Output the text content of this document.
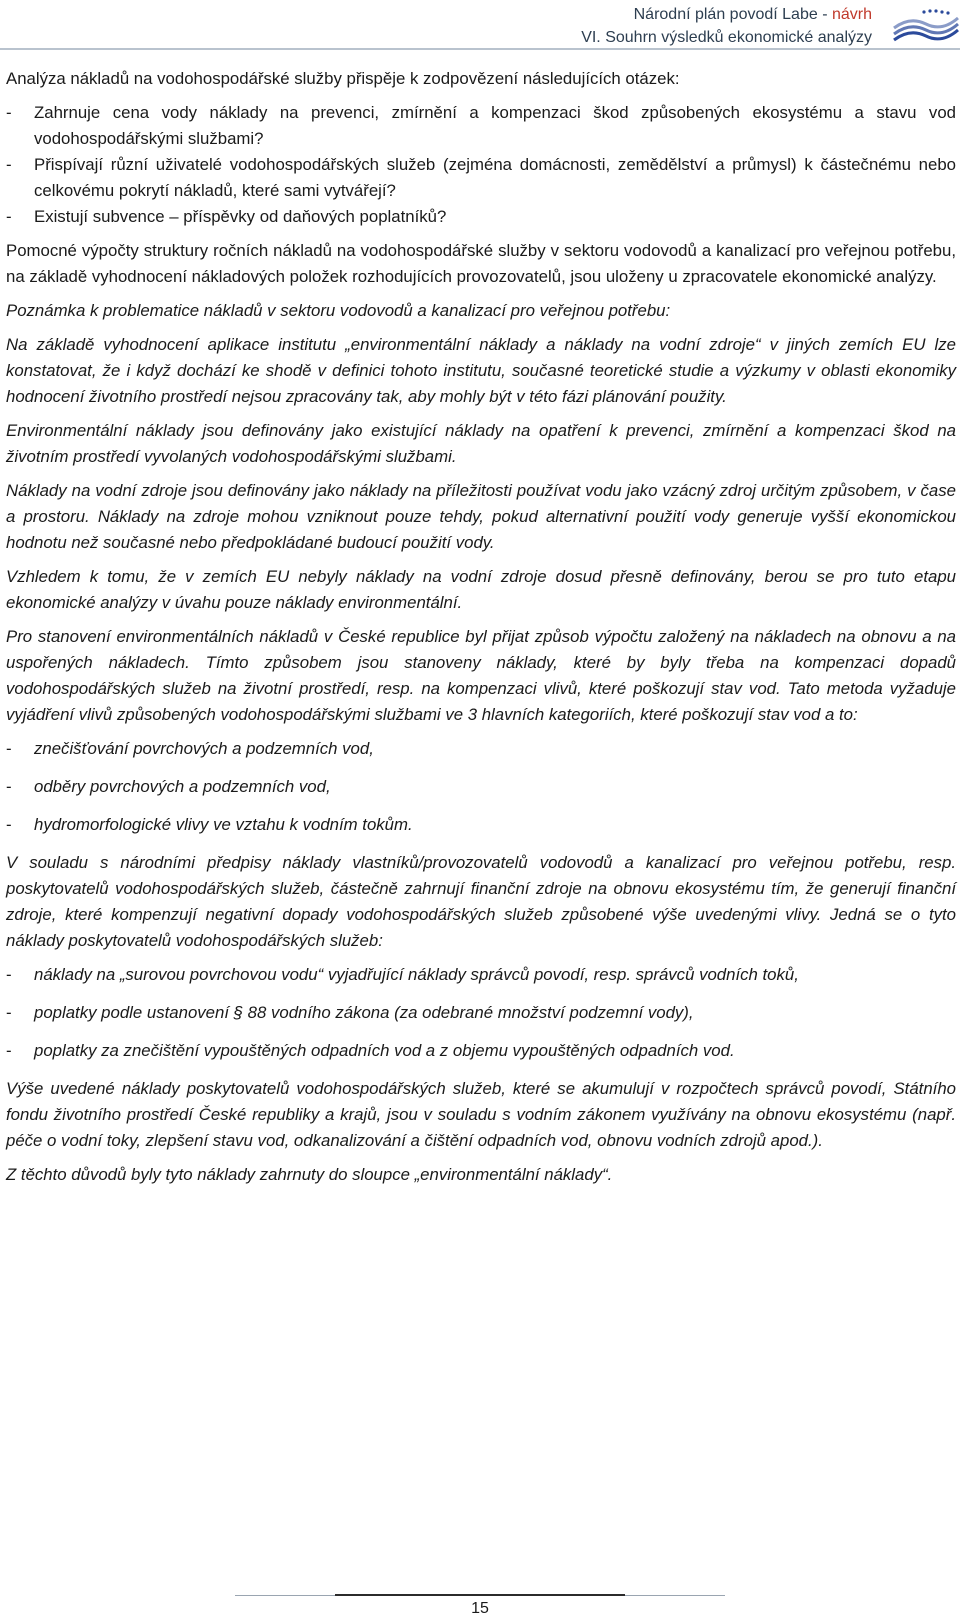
Národní plán povodí Labe - návrh
VI. Souhrn výsledků ekonomické analýzy

Analýza nákladů na vodohospodářské služby přispěje k zodpovězení následujících otázek:

- Zahrnuje cena vody náklady na prevenci, zmírnění a kompenzaci škod způsobených ekosystému a stavu vod vodohospodářskými službami?
- Přispívají různí uživatelé vodohospodářských služeb (zejména domácnosti, zemědělství a průmysl) k částečnému nebo celkovému pokrytí nákladů, které sami vytvářejí?
- Existují subvence – příspěvky od daňových poplatníků?

Pomocné výpočty struktury ročních nákladů na vodohospodářské služby v sektoru vodovodů a kanalizací pro veřejnou potřebu, na základě vyhodnocení nákladových položek rozhodujících provozovatelů, jsou uloženy u zpracovatele ekonomické analýzy.

Poznámka k problematice nákladů v sektoru vodovodů a kanalizací pro veřejnou potřebu:

Na základě vyhodnocení aplikace institutu „environmentální náklady a náklady na vodní zdroje“ v jiných zemích EU lze konstatovat, že i když dochází ke shodě v definici tohoto institutu, současné teoretické studie a výzkumy v oblasti ekonomiky hodnocení životního prostředí nejsou zpracovány tak, aby mohly být v této fázi plánování použity.

Environmentální náklady jsou definovány jako existující náklady na opatření k prevenci, zmírnění a kompenzaci škod na životním prostředí vyvolaných vodohospodářskými službami.

Náklady na vodní zdroje jsou definovány jako náklady na příležitosti používat vodu jako vzácný zdroj určitým způsobem, v čase a prostoru. Náklady na zdroje mohou vzniknout pouze tehdy, pokud alternativní použití vody generuje vyšší ekonomickou hodnotu než současné nebo předpokládané budoucí použití vody.

Vzhledem k tomu, že v zemích EU nebyly náklady na vodní zdroje dosud přesně definovány, berou se pro tuto etapu ekonomické analýzy v úvahu pouze náklady environmentální.

Pro stanovení environmentálních nákladů v České republice byl přijat způsob výpočtu založený na nákladech na obnovu a na uspořených nákladech. Tímto způsobem jsou stanoveny náklady, které by byly třeba na kompenzaci dopadů vodohospodářských služeb na životní prostředí, resp. na kompenzaci vlivů, které poškozují stav vod. Tato metoda vyžaduje vyjádření vlivů způsobených vodohospodářskými službami ve 3 hlavních kategoriích, které poškozují stav vod a to:

- znečišťování povrchových a podzemních vod,
- odběry povrchových a podzemních vod,
- hydromorfologické vlivy ve vztahu k vodním tokům.

V souladu s národními předpisy náklady vlastníků/provozovatelů vodovodů a kanalizací pro veřejnou potřebu, resp. poskytovatelů vodohospodářských služeb, částečně zahrnují finanční zdroje na obnovu ekosystému tím, že generují finanční zdroje, které kompenzují negativní dopady vodohospodářských služeb způsobené výše uvedenými vlivy. Jedná se o tyto náklady poskytovatelů vodohospodářských služeb:

- náklady na „surovou povrchovou vodu“ vyjadřující náklady správců povodí, resp. správců vodních toků,
- poplatky podle ustanovení § 88 vodního zákona (za odebrané množství podzemní vody),
- poplatky za znečištění vypouštěných odpadních vod a z objemu vypouštěných odpadních vod.

Výše uvedené náklady poskytovatelů vodohospodářských služeb, které se akumulují v rozpočtech správců povodí, Státního fondu životního prostředí České republiky a krajů, jsou v souladu s vodním zákonem využívány na obnovu ekosystému (např. péče o vodní toky, zlepšení stavu vod, odkanalizování a čištění odpadních vod, obnovu vodních zdrojů apod.).

Z těchto důvodů byly tyto náklady zahrnuty do sloupce „environmentální náklady“.

15
